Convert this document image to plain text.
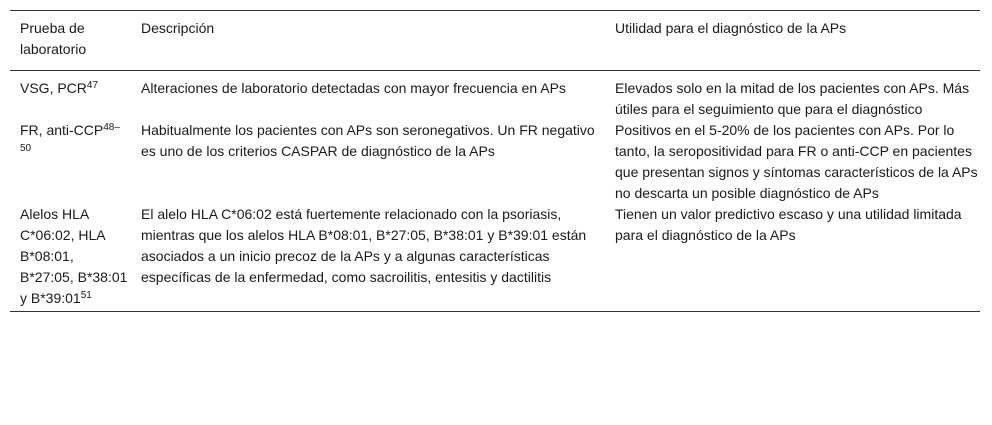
Prueba de laboratorio	Descripción	Utilidad para el diagnóstico de la APs
VSG, PCR$^{47}$	Alteraciones de laboratorio detectadas con mayor frecuencia en APs	Elevados solo en la mitad de los pacientes con APs. Más útiles para el seguimiento que para el diagnóstico
FR, anti-CCP$^{48-50}$	Habitualmente los pacientes con APs son seronegativos. Un FR negativo es uno de los criterios CASPAR de diagnóstico de la APs	Positivos en el 5-20% de los pacientes con APs. Por lo tanto, la seropositividad para FR o anti-CCP en pacientes que presentan signos y síntomas característicos de la APs no descarta un posible diagnóstico de APs
Alelos HLA C*06:02, HLA B*08:01, B*27:05, B*38:01 y $B*39:01^{51}$	El alelo HLA C*06:02 está fuertemente relacionado con la psoriasis, mientras que los alelos HLA B*08:01, B*27:05, B*38:01 y B*39:01 están asociados a un inicio precoz de la APs y a algunas características específicas de la enfermedad, como sacroilitis, entesitis y dactilitis	Tienen un valor predictivo escaso y una utilidad limitada para el diagnóstico de la APs
